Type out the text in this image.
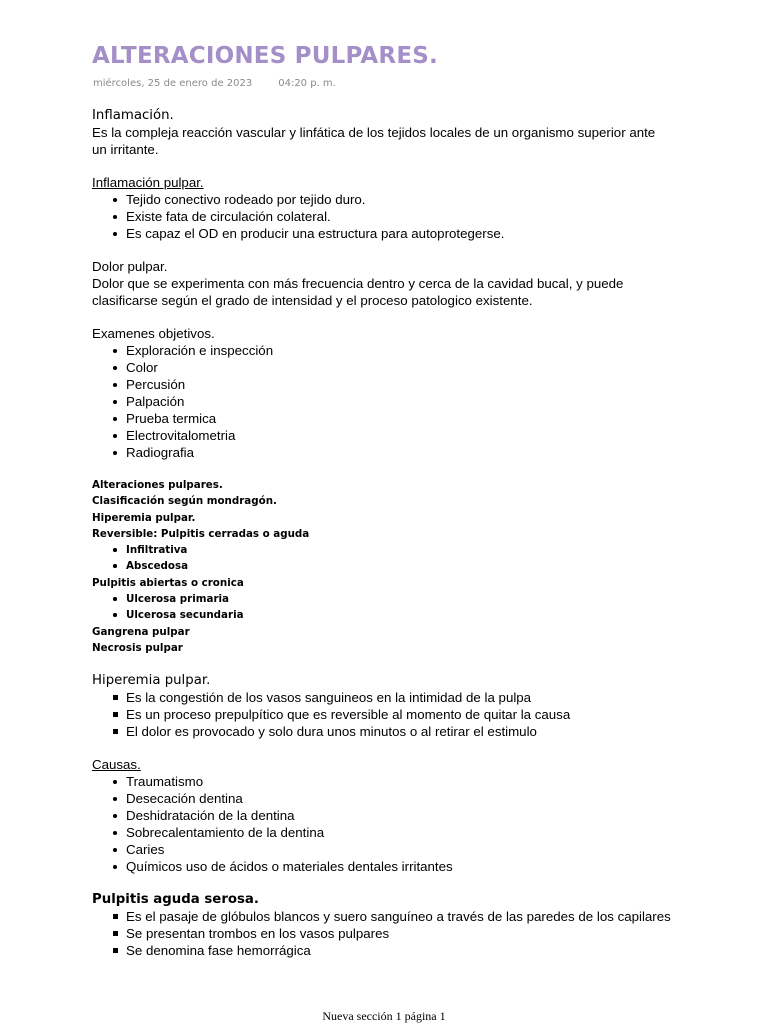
ALTERACIONES PULPARES.
miércoles, 25 de enero de 2023	04:20 p. m.

Inflamación.

Es la compleja reacción vascular y linfática de los tejidos locales de un organismo superior ante un irritante.

Inflamación pulpar.

Tejido conectivo rodeado por tejido duro.
Existe fata de circulación colateral.
Es capaz el OD en producir una estructura para autoprotegerse.

Dolor pulpar.

Dolor que se experimenta con más frecuencia dentro y cerca de la cavidad bucal, y puede clasificarse según el grado de intensidad y el proceso patologico existente.

Examenes objetivos.

Exploración e inspección
Color
Percusión
Palpación
Prueba termica
Electrovitalometria
Radiografia

Alteraciones pulpares.

Clasificación según mondragón.

Hiperemia pulpar.

Reversible: Pulpitis cerradas o aguda

Infiltrativa
Abscedosa

Pulpitis abiertas o cronica

Ulcerosa primaria
Ulcerosa secundaria

Gangrena pulpar

Necrosis pulpar

Hiperemia pulpar.

Es la congestión de los vasos sanguineos en la intimidad de la pulpa
Es un proceso prepulpítico que es reversible al momento de quitar la causa
El dolor es provocado y solo dura unos minutos o al retirar el estimulo

Causas.

Traumatismo
Desecación dentina
Deshidratación de la dentina
Sobrecalentamiento de la dentina
Caries
Químicos uso de ácidos o materiales dentales irritantes

Pulpitis aguda serosa.

Es el pasaje de glóbulos blancos y suero sanguíneo a través de las paredes de los capilares
Se presentan trombos en los vasos pulpares
Se denomina fase hemorrágica
Nueva sección 1 página 1
